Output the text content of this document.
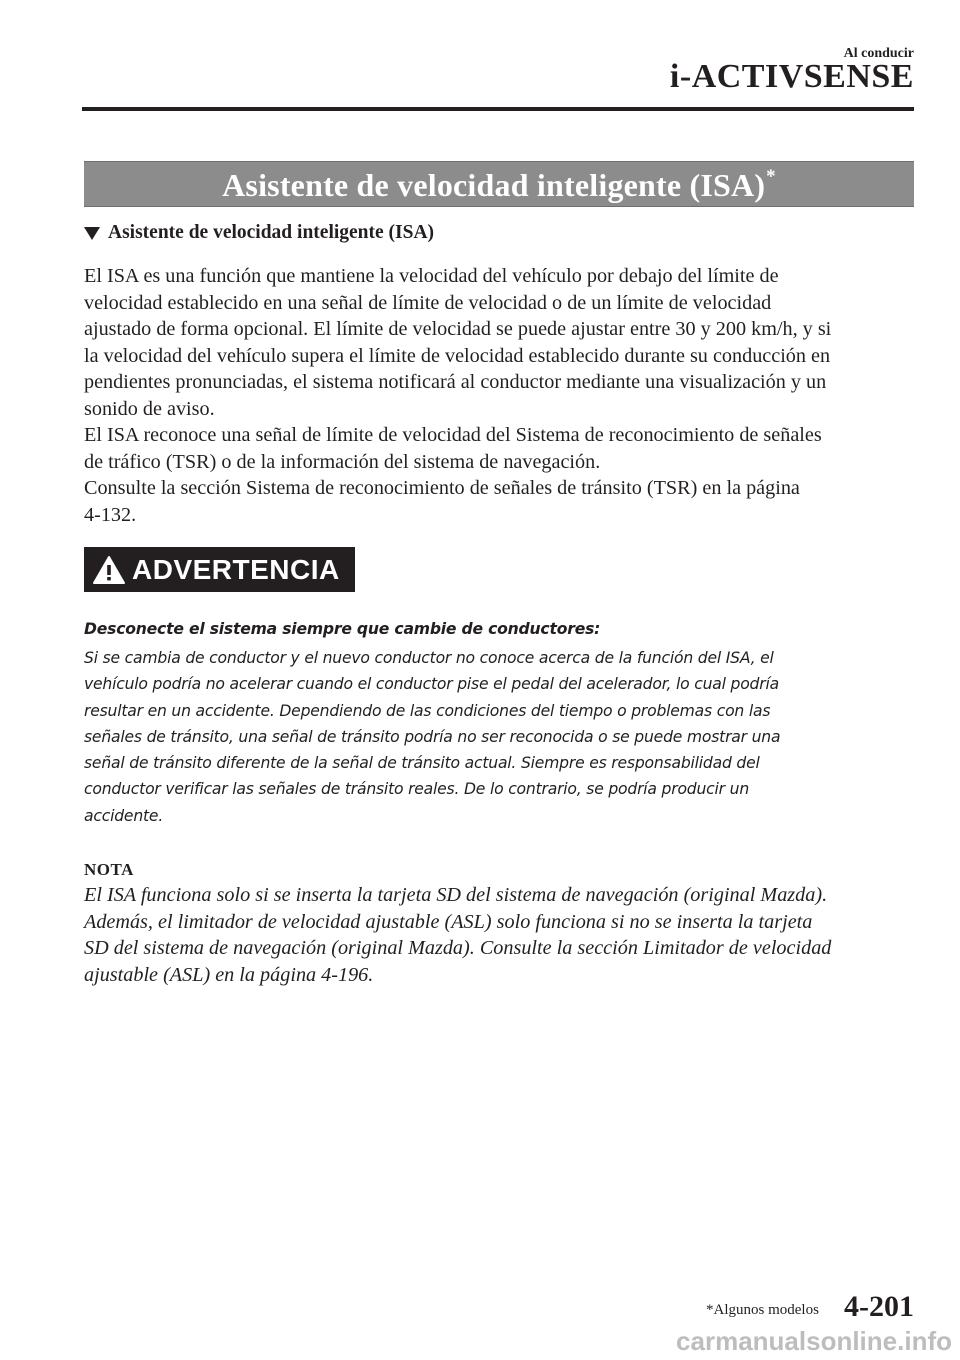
Al conducir
i-ACTIVSENSE
Asistente de velocidad inteligente (ISA)*
Asistente de velocidad inteligente (ISA)
El ISA es una función que mantiene la velocidad del vehículo por debajo del límite de
velocidad establecido en una señal de límite de velocidad o de un límite de velocidad
ajustado de forma opcional. El límite de velocidad se puede ajustar entre 30 y 200 km/h, y si
la velocidad del vehículo supera el límite de velocidad establecido durante su conducción en
pendientes pronunciadas, el sistema notificará al conductor mediante una visualización y un
sonido de aviso.
El ISA reconoce una señal de límite de velocidad del Sistema de reconocimiento de señales
de tráfico (TSR) o de la información del sistema de navegación.
Consulte la sección Sistema de reconocimiento de señales de tránsito (TSR) en la página
4-132.
ADVERTENCIA
Desconecte el sistema siempre que cambie de conductores:
Si se cambia de conductor y el nuevo conductor no conoce acerca de la función del ISA, el
vehículo podría no acelerar cuando el conductor pise el pedal del acelerador, lo cual podría
resultar en un accidente. Dependiendo de las condiciones del tiempo o problemas con las
señales de tránsito, una señal de tránsito podría no ser reconocida o se puede mostrar una
señal de tránsito diferente de la señal de tránsito actual. Siempre es responsabilidad del
conductor verificar las señales de tránsito reales. De lo contrario, se podría producir un
accidente.
NOTA
El ISA funciona solo si se inserta la tarjeta SD del sistema de navegación (original Mazda).
Además, el limitador de velocidad ajustable (ASL) solo funciona si no se inserta la tarjeta
SD del sistema de navegación (original Mazda). Consulte la sección Limitador de velocidad
ajustable (ASL) en la página 4-196.
*Algunos modelos 4-201
carmanualsonline.info
